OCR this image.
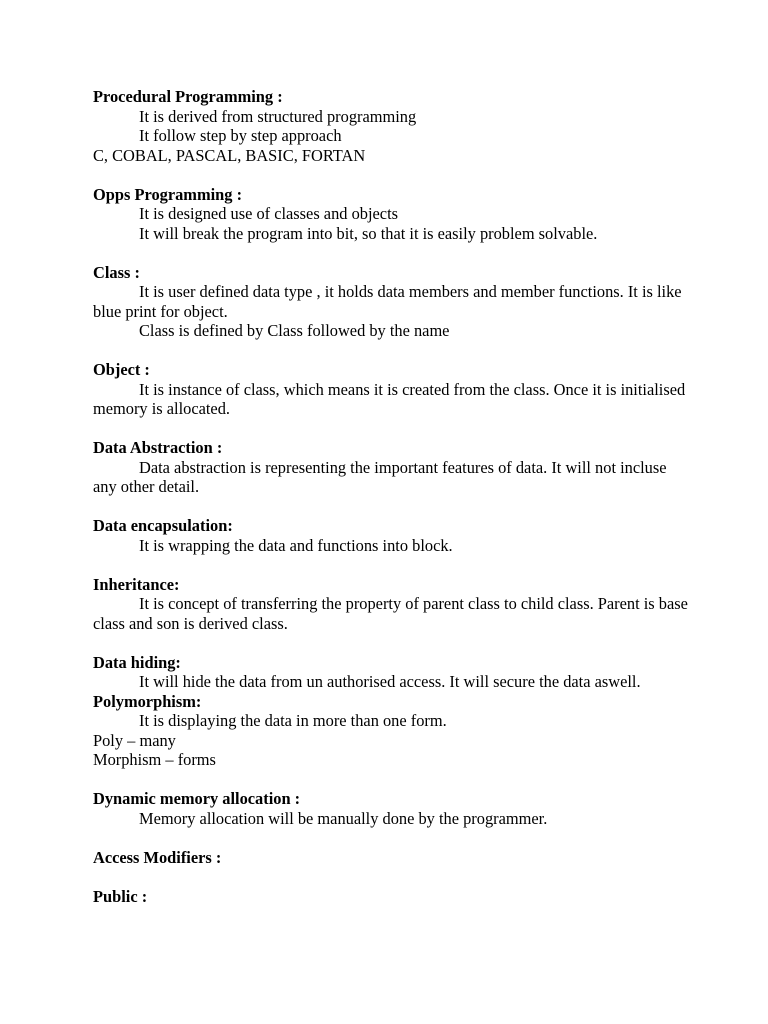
Procedural Programming :
It is derived from structured programming
It follow step by step approach
C, COBAL, PASCAL, BASIC, FORTAN
Opps Programming :
It is designed use of classes and objects
It will break the program into bit, so that it is easily problem solvable.
Class :
It is user defined data type , it holds data members and member functions. It is like blue print for object.
Class is defined by Class followed by the name
Object :
It is instance of class, which means it is created from the class. Once it is initialised memory is allocated.
Data Abstraction :
Data abstraction is representing the important features of data. It will not incluse any other detail.
Data encapsulation:
It is wrapping the data and functions into block.
Inheritance:
It is concept of transferring the property of parent class to child class. Parent is base class and son is derived class.
Data hiding:
It will hide the data from un authorised access. It will secure the data aswell.
Polymorphism:
It is displaying the data in more than one form.
Poly – many
Morphism – forms
Dynamic memory allocation :
Memory allocation will be manually done by the programmer.
Access Modifiers :
Public :
